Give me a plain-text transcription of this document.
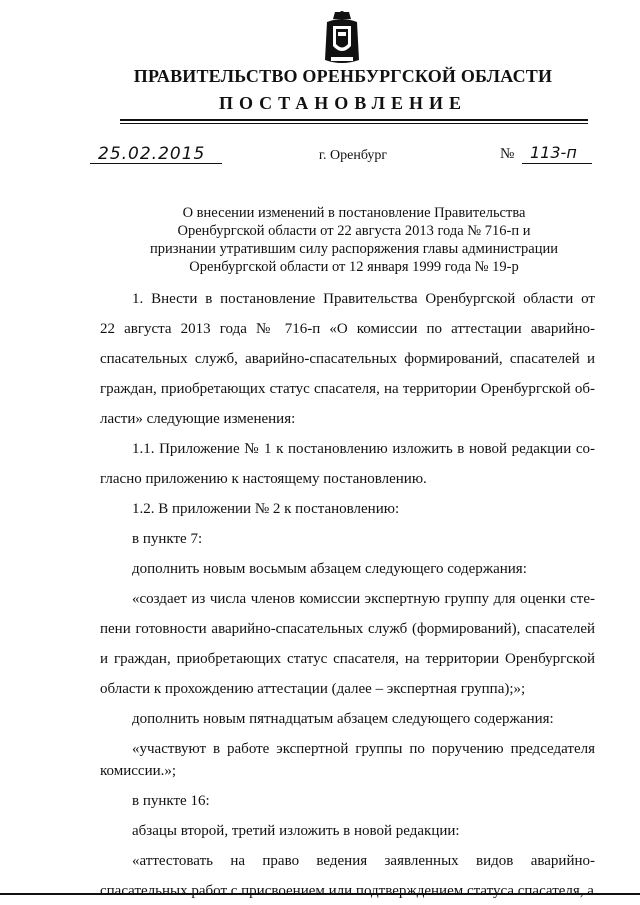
ПРАВИТЕЛЬСТВО ОРЕНБУРГСКОЙ ОБЛАСТИ
ПОСТАНОВЛЕНИЕ
25.02.2015	г. Оренбург	№ 113-п
О внесении изменений в постановление Правительства
Оренбургской области от 22 августа 2013 года № 716-п и
признании утратившим силу распоряжения главы администрации
Оренбургской области от 12 января 1999 года № 19-р
1. Внести в постановление Правительства Оренбургской области от
22 августа 2013 года № 716-п «О комиссии по аттестации аварийно-
спасательных служб, аварийно-спасательных формирований, спасателей и
граждан, приобретающих статус спасателя, на территории Оренбургской об-
ласти» следующие изменения:
1.1. Приложение № 1 к постановлению изложить в новой редакции со-
гласно приложению к настоящему постановлению.
1.2. В приложении № 2 к постановлению:
в пункте 7:
дополнить новым восьмым абзацем следующего содержания:
«создает из числа членов комиссии экспертную группу для оценки сте-
пени готовности аварийно-спасательных служб (формирований), спасателей
и граждан, приобретающих статус спасателя, на территории Оренбургской
области к прохождению аттестации (далее – экспертная группа);»;
дополнить новым пятнадцатым абзацем следующего содержания:
«участвуют в работе экспертной группы по поручению председателя
комиссии.»;
в пункте 16:
абзацы второй, третий изложить в новой редакции:
«аттестовать на право ведения заявленных видов аварийно-
спасательных работ с присвоением или подтверждением статуса спасателя, а
